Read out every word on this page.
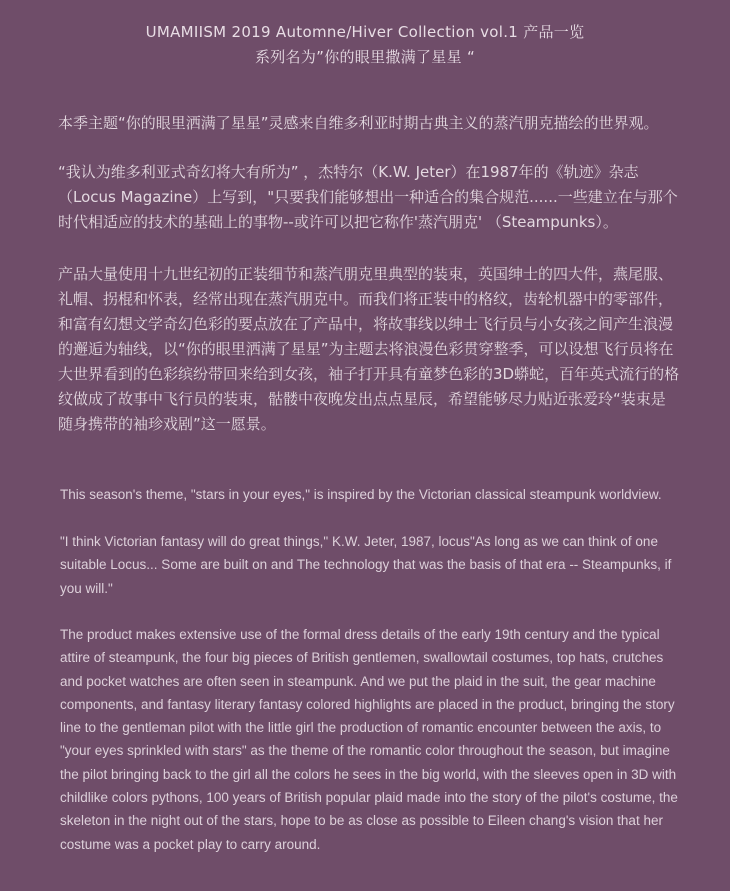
UMAMIISM 2019 Automne/Hiver Collection vol.1 产品一览
系列名为”你的眼里撒满了星星 “

本季主题“你的眼里洒满了星星”灵感来自维多利亚时期古典主义的蒸汽朋克描绘的世界观。

“我认为维多利亚式奇幻将大有所为” ，杰特尔（K.W. Jeter）在1987年的《轨迹》杂志（Locus Magazine）上写到，"只要我们能够想出一种适合的集合规范......一些建立在与那个时代相适应的技术的基础上的事物--或许可以把它称作'蒸汽朋克' （Steampunks）。

产品大量使用十九世纪初的正装细节和蒸汽朋克里典型的装束，英国绅士的四大件，燕尾服、礼帽、拐棍和怀表，经常出现在蒸汽朋克中。而我们将正装中的格纹，齿轮机器中的零部件，和富有幻想文学奇幻色彩的要点放在了产品中，将故事线以绅士飞行员与小女孩之间产生浪漫的邂逅为轴线，以“你的眼里洒满了星星”为主题去将浪漫色彩贯穿整季，可以设想飞行员将在大世界看到的色彩缤纷带回来给到女孩，袖子打开具有童梦色彩的3D蟒蛇，百年英式流行的格纹做成了故事中飞行员的装束，骷髅中夜晚发出点点星辰，希望能够尽力贴近张爱玲“装束是随身携带的袖珍戏剧”这一愿景。

This season's theme, "stars in your eyes," is inspired by the Victorian classical steampunk worldview.

"I think Victorian fantasy will do great things," K.W. Jeter, 1987, locus"As long as we can think of one suitable Locus... Some are built on and The technology that was the basis of that era -- Steampunks, if you will."

The product makes extensive use of the formal dress details of the early 19th century and the typical attire of steampunk, the four big pieces of British gentlemen, swallowtail costumes, top hats, crutches and pocket watches are often seen in steampunk. And we put the plaid in the suit, the gear machine components, and fantasy literary fantasy colored highlights are placed in the product, bringing the story line to the gentleman pilot with the little girl the production of romantic encounter between the axis, to "your eyes sprinkled with stars" as the theme of the romantic color throughout the season, but imagine the pilot bringing back to the girl all the colors he sees in the big world, with the sleeves open in 3D with childlike colors pythons, 100 years of British popular plaid made into the story of the pilot's costume, the skeleton in the night out of the stars, hope to be as close as possible to Eileen chang's vision that her costume was a pocket play to carry around.
